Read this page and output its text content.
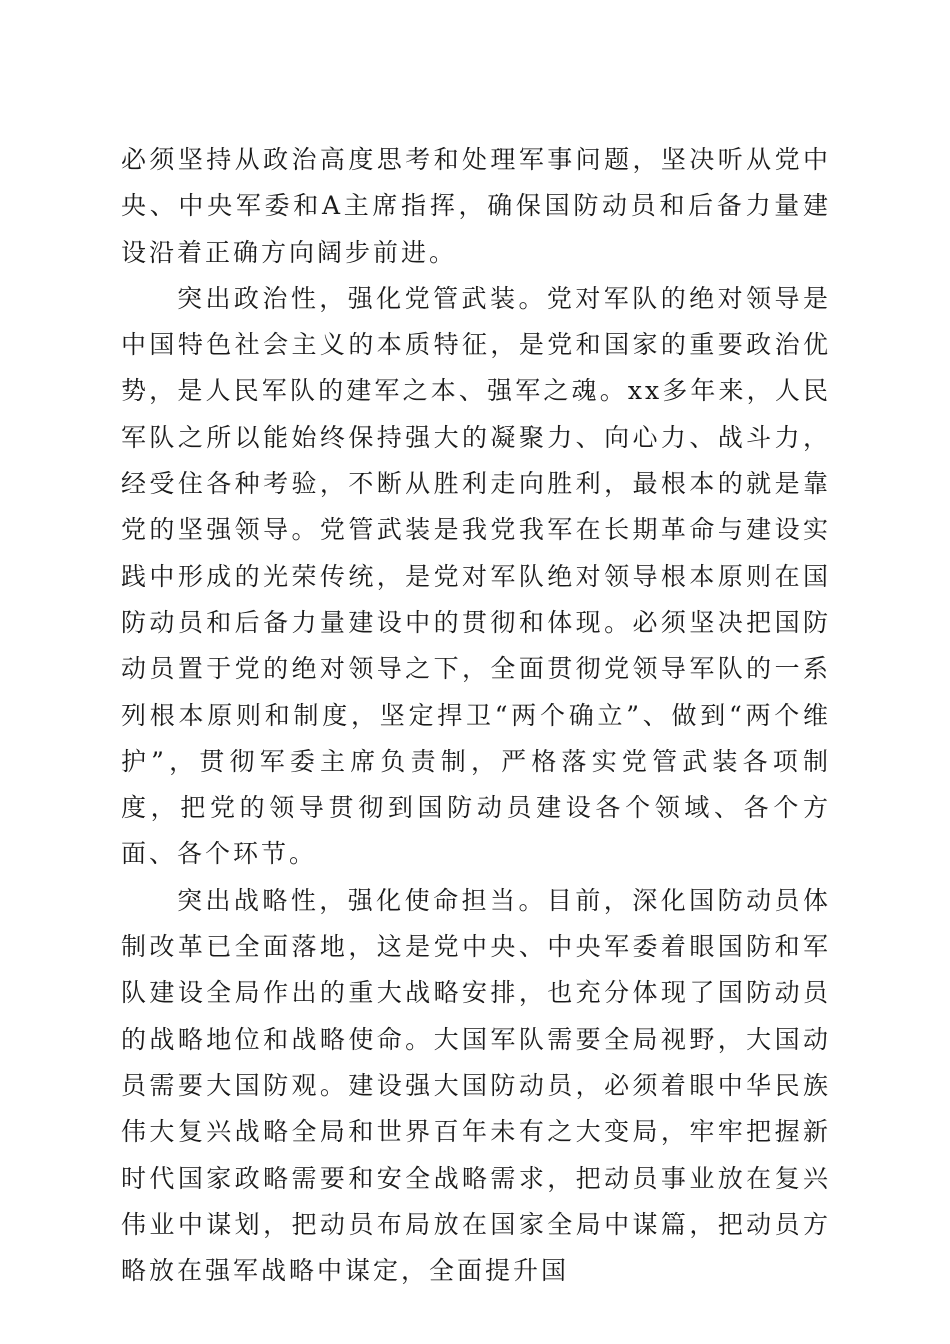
必须坚持从政治高度思考和处理军事问题，坚决听从党中央、中央军委和A主席指挥，确保国防动员和后备力量建设沿着正确方向阔步前进。

突出政治性，强化党管武装。党对军队的绝对领导是中国特色社会主义的本质特征，是党和国家的重要政治优势，是人民军队的建军之本、强军之魂。xx多年来，人民军队之所以能始终保持强大的凝聚力、向心力、战斗力，经受住各种考验，不断从胜利走向胜利，最根本的就是靠党的坚强领导。党管武装是我党我军在长期革命与建设实践中形成的光荣传统，是党对军队绝对领导根本原则在国防动员和后备力量建设中的贯彻和体现。必须坚决把国防动员置于党的绝对领导之下，全面贯彻党领导军队的一系列根本原则和制度，坚定捍卫“两个确立”、做到“两个维护”，贯彻军委主席负责制，严格落实党管武装各项制度，把党的领导贯彻到国防动员建设各个领域、各个方面、各个环节。

突出战略性，强化使命担当。目前，深化国防动员体制改革已全面落地，这是党中央、中央军委着眼国防和军队建设全局作出的重大战略安排，也充分体现了国防动员的战略地位和战略使命。大国军队需要全局视野，大国动员需要大国防观。建设强大国防动员，必须着眼中华民族伟大复兴战略全局和世界百年未有之大变局，牢牢把握新时代国家政略需要和安全战略需求，把动员事业放在复兴伟业中谋划，把动员布局放在国家全局中谋篇，把动员方略放在强军战略中谋定，全面提升国
